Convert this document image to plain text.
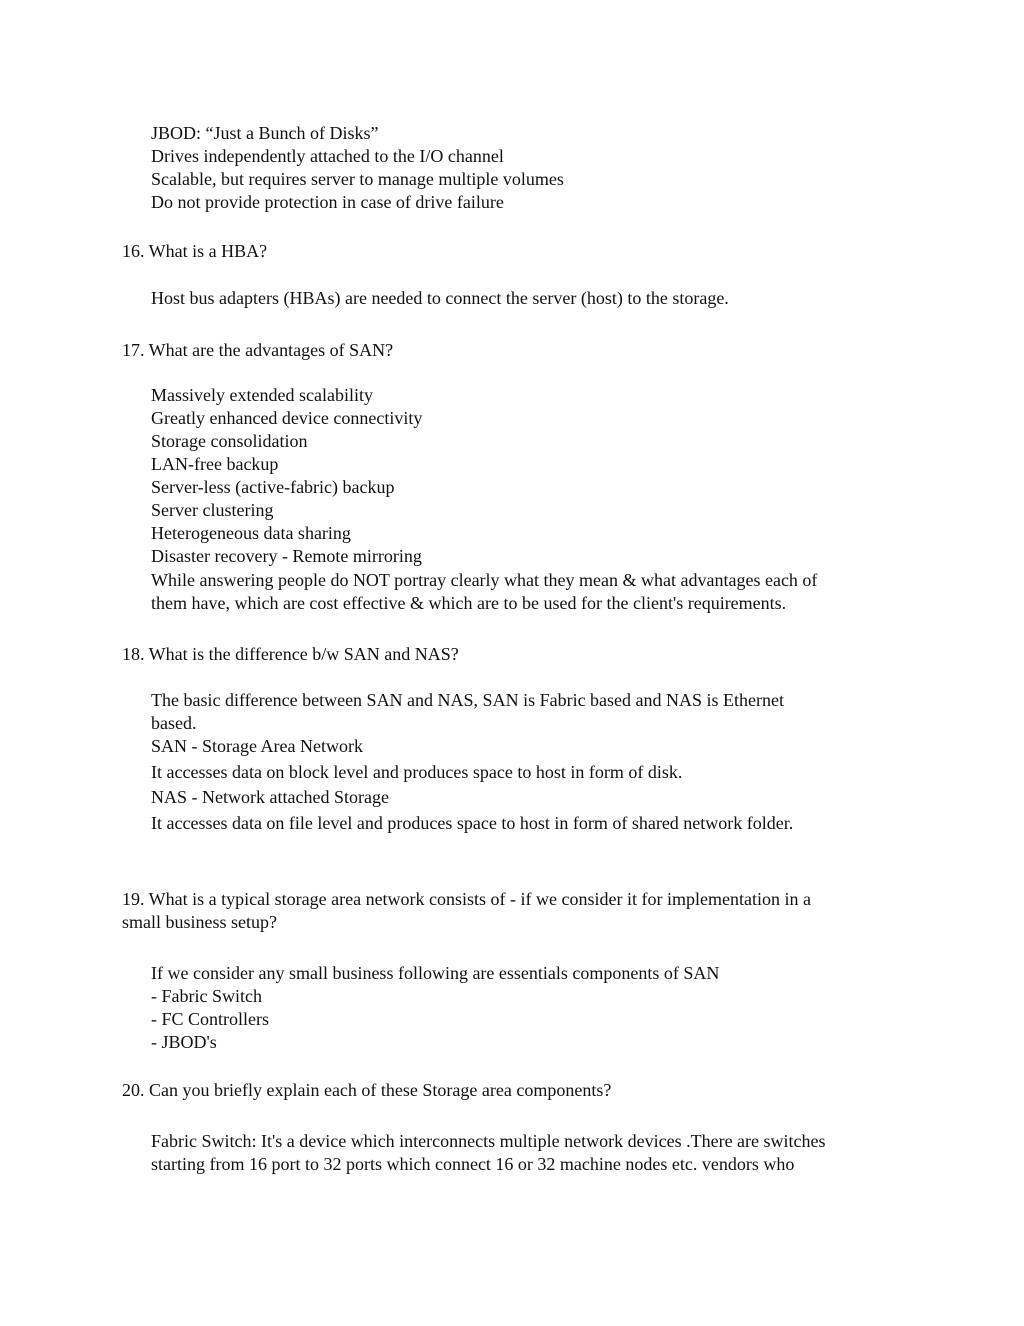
JBOD: “Just a Bunch of Disks”
Drives independently attached to the I/O channel
Scalable, but requires server to manage multiple volumes
Do not provide protection in case of drive failure
16. What is a HBA?
Host bus adapters (HBAs) are needed to connect the server (host) to the storage.
17. What are the advantages of SAN?
Massively extended scalability
Greatly enhanced device connectivity
Storage consolidation
LAN-free backup
Server-less (active-fabric) backup
Server clustering
Heterogeneous data sharing
Disaster recovery - Remote mirroring
While answering people do NOT portray clearly what they mean & what advantages each of
them have, which are cost effective & which are to be used for the client's requirements.
18. What is the difference b/w SAN and NAS?
The basic difference between SAN and NAS, SAN is Fabric based and NAS is Ethernet
based.
SAN - Storage Area Network
It accesses data on block level and produces space to host in form of disk.
NAS - Network attached Storage
It accesses data on file level and produces space to host in form of shared network folder.
19. What is a typical storage area network consists of - if we consider it for implementation in a
small business setup?
If we consider any small business following are essentials components of SAN
- Fabric Switch
- FC Controllers
- JBOD's
20. Can you briefly explain each of these Storage area components?
Fabric Switch: It's a device which interconnects multiple network devices .There are switches
starting from 16 port to 32 ports which connect 16 or 32 machine nodes etc. vendors who
